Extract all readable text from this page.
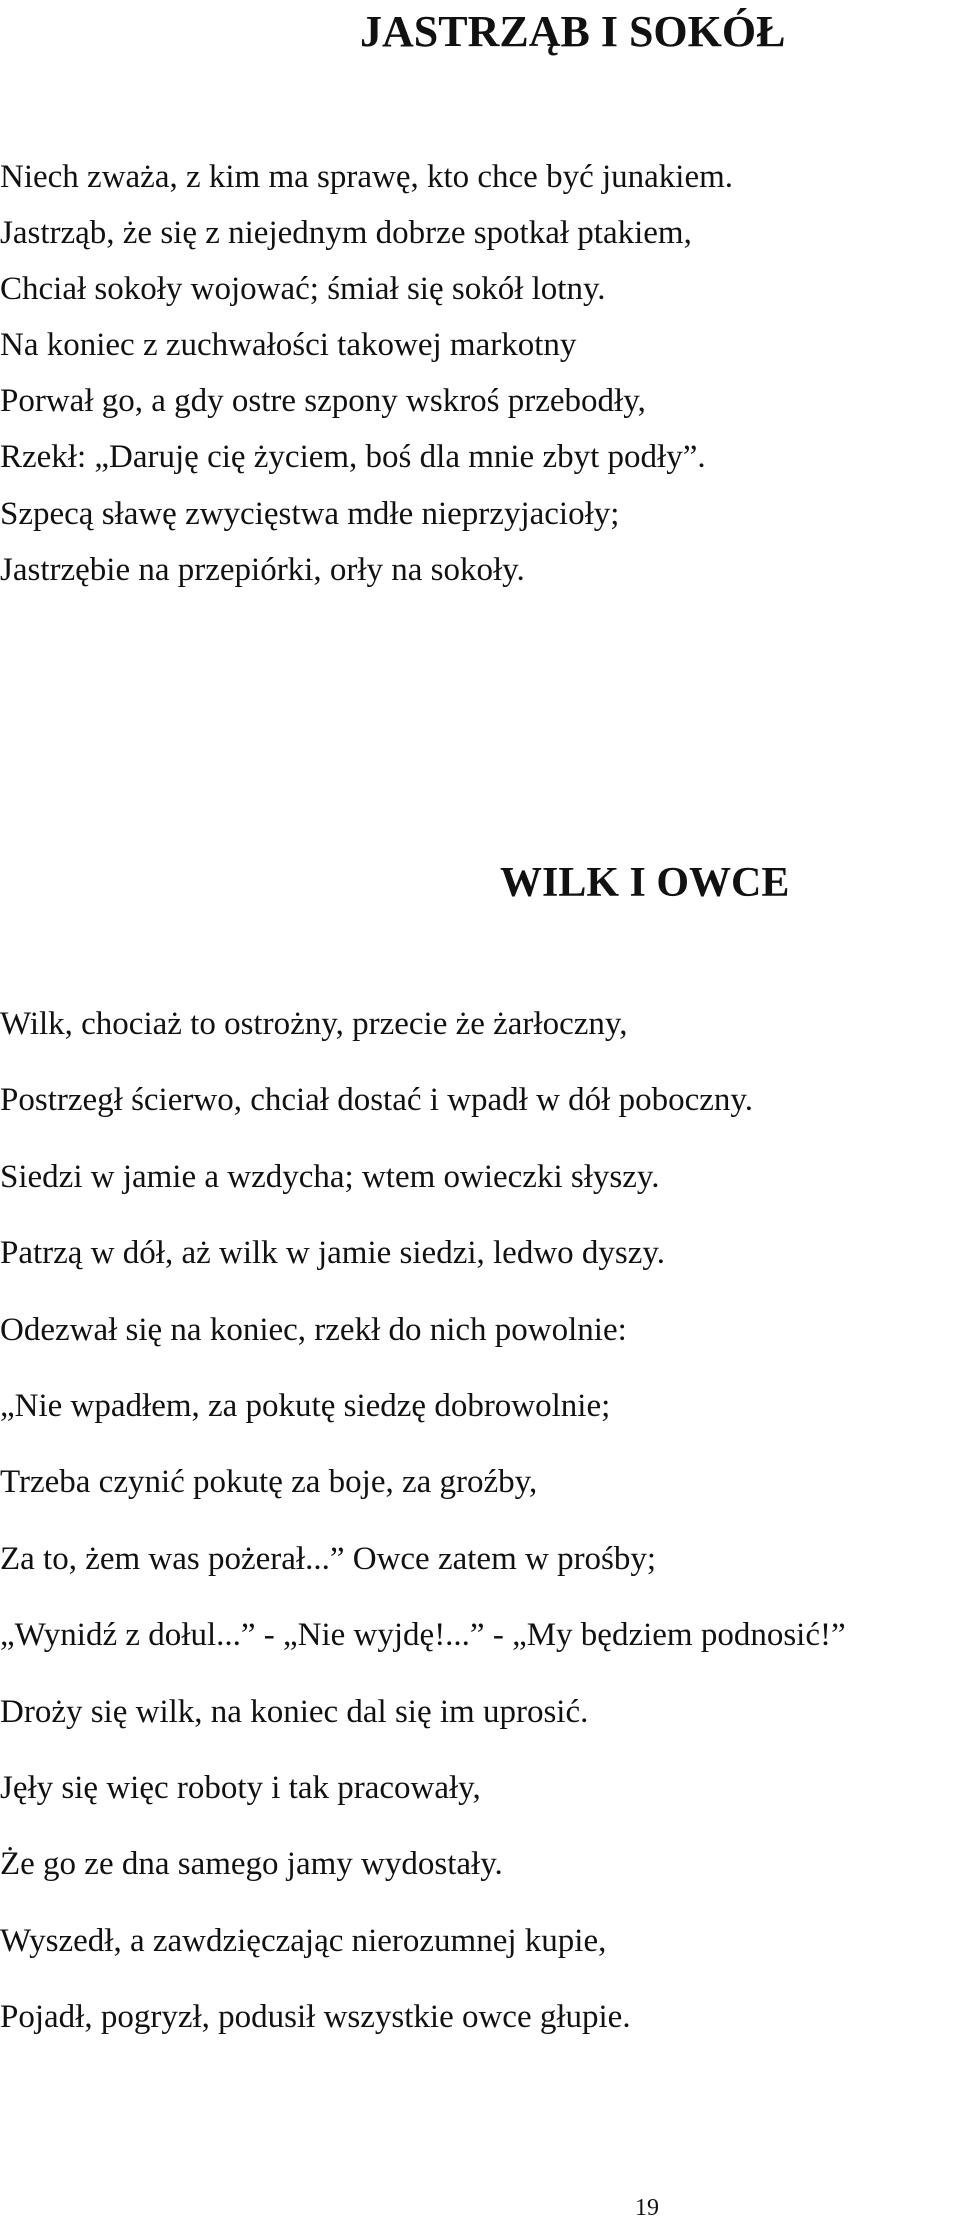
JASTRZĄB I SOKÓŁ
Niech zważa, z kim ma sprawę, kto chce być junakiem.
Jastrząb, że się z niejednym dobrze spotkał ptakiem,
Chciał sokoły wojować; śmiał się sokół lotny.
Na koniec z zuchwałości takowej markotny
Porwał go, a gdy ostre szpony wskroś przebodły,
Rzekł: „Daruję cię życiem, boś dla mnie zbyt podły”.
Szpecą sławę zwycięstwa mdłe nieprzyjacioły;
Jastrzębie na przepiórki, orły na sokoły.
WILK I OWCE
Wilk, chociaż to ostrożny, przecie że żarłoczny,
Postrzegł ścierwo, chciał dostać i wpadł w dół poboczny.
Siedzi w jamie a wzdycha; wtem owieczki słyszy.
Patrzą w dół, aż wilk w jamie siedzi, ledwo dyszy.
Odezwał się na koniec, rzekł do nich powolnie:
„Nie wpadłem, za pokutę siedzę dobrowolnie;
Trzeba czynić pokutę za boje, za groźby,
Za to, żem was pożerał...” Owce zatem w prośby;
„Wynidź z dołul...” - „Nie wyjdę!...” - „My będziem podnosić!”
Droży się wilk, na koniec dal się im uprosić.
Jęły się więc roboty i tak pracowały,
Że go ze dna samego jamy wydostały.
Wyszedł, a zawdzięczając nierozumnej kupie,
Pojadł, pogryzł, podusił wszystkie owce głupie.
19
